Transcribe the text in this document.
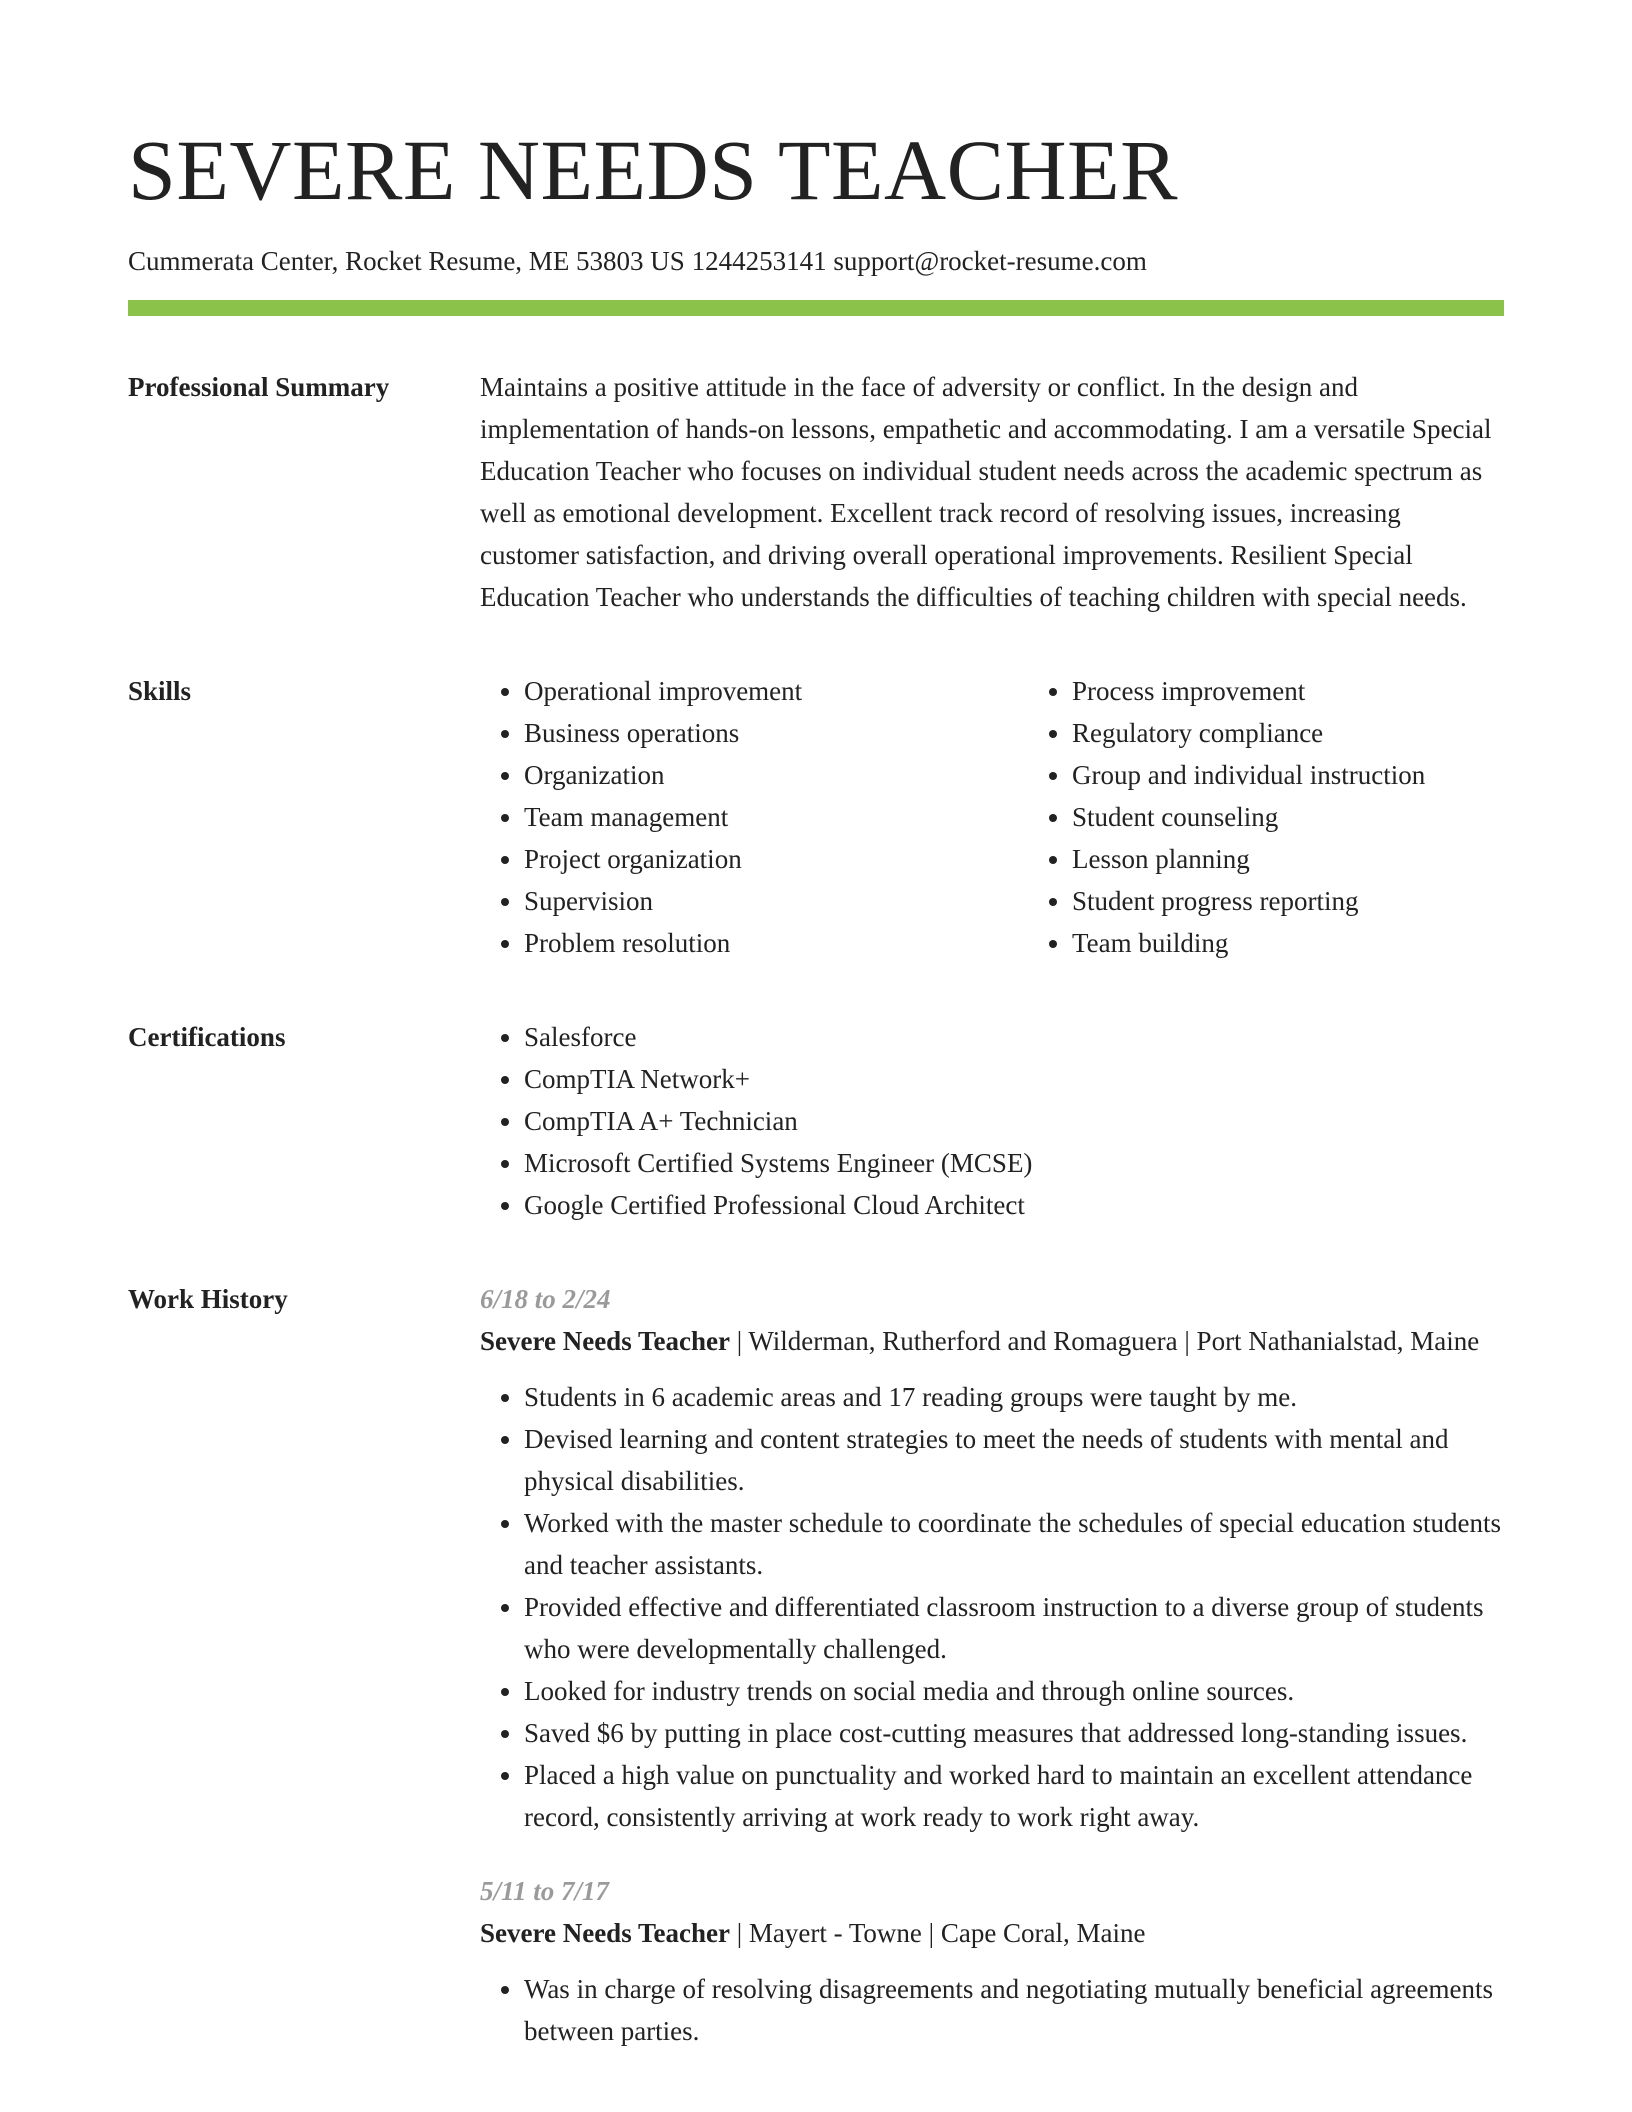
SEVERE NEEDS TEACHER
Cummerata Center, Rocket Resume, ME 53803 US 1244253141 support@rocket-resume.com
Professional Summary	Maintains a positive attitude in the face of adversity or conflict. In the design and implementation of hands-on lessons, empathetic and accommodating. I am a versatile Special Education Teacher who focuses on individual student needs across the academic spectrum as well as emotional development. Excellent track record of resolving issues, increasing customer satisfaction, and driving overall operational improvements. Resilient Special Education Teacher who understands the difficulties of teaching children with special needs.

Skills	• Operational improvement
• Business operations
• Organization
• Team management
• Project organization
• Supervision
• Problem resolution
• Process improvement
• Regulatory compliance
• Group and individual instruction
• Student counseling
• Lesson planning
• Student progress reporting
• Team building
Certifications	• Salesforce
• CompTIA Network+
• CompTIA A+ Technician
• Microsoft Certified Systems Engineer (MCSE)
• Google Certified Professional Cloud Architect
Work History	6/18 to 2/24
Severe Needs Teacher | Wilderman, Rutherford and Romaguera | Port Nathanialstad, Maine
• Students in 6 academic areas and 17 reading groups were taught by me.
• Devised learning and content strategies to meet the needs of students with mental and physical disabilities.
• Worked with the master schedule to coordinate the schedules of special education students and teacher assistants.
• Provided effective and differentiated classroom instruction to a diverse group of students who were developmentally challenged.
• Looked for industry trends on social media and through online sources.
• Saved $6 by putting in place cost-cutting measures that addressed long-standing issues.
• Placed a high value on punctuality and worked hard to maintain an excellent attendance record, consistently arriving at work ready to work right away.
5/11 to 7/17
Severe Needs Teacher | Mayert - Towne | Cape Coral, Maine
• Was in charge of resolving disagreements and negotiating mutually beneficial agreements between parties.
